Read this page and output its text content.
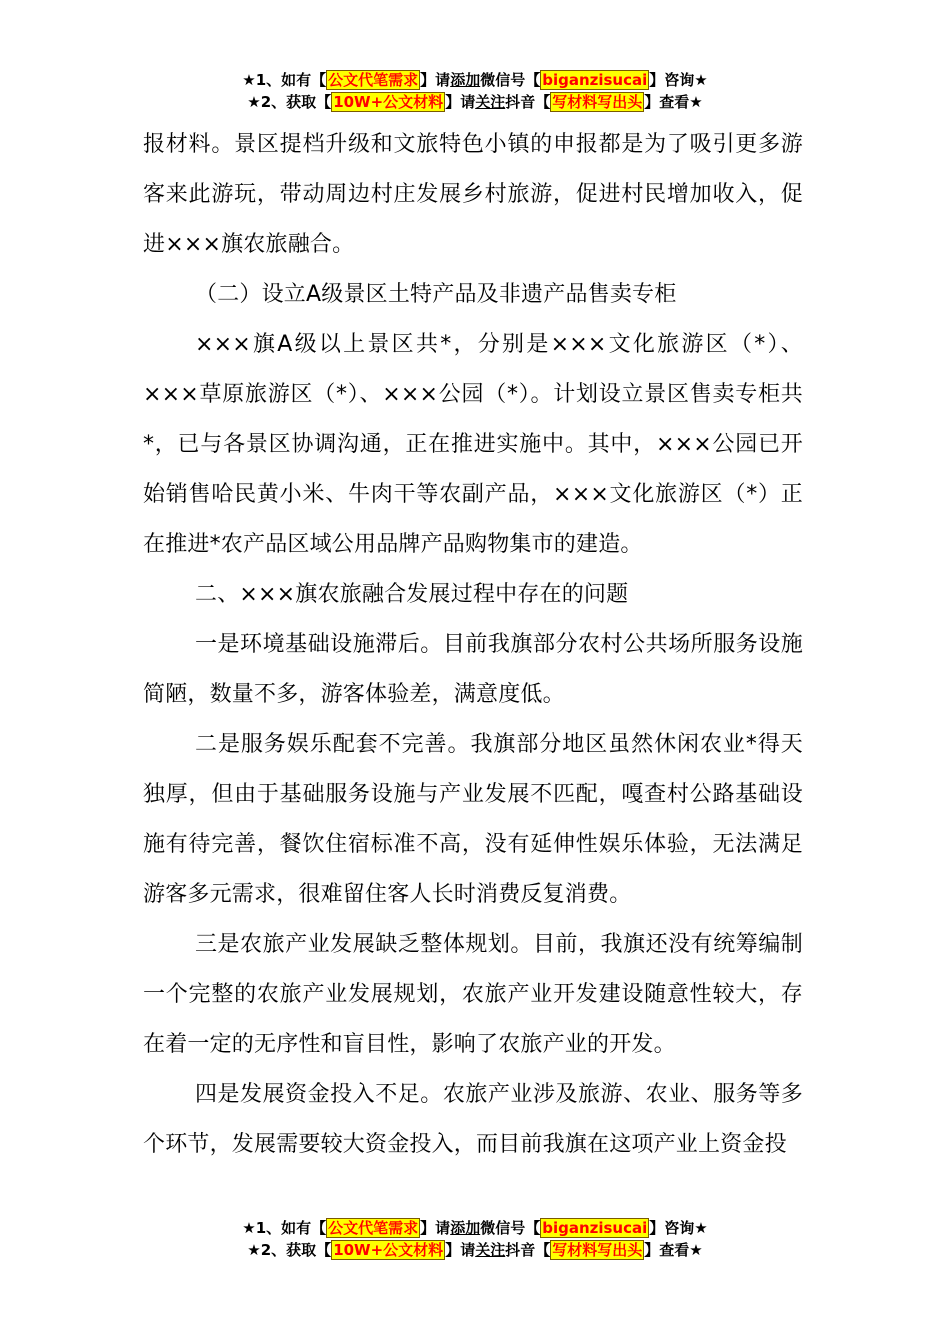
★1、如有【 公文代笔需求 】请添加微信号【 biganzisucai 】咨询★
★2、获取【 10W+公文材料 】请关注抖音【 写材料写出头 】查看★

报材料。景区提档升级和文旅特色小镇的申报都是为了吸引更多游客来此游玩，带动周边村庄发展乡村旅游，促进村民增加收入，促进×××旗农旅融合。

（二）设立A级景区土特产品及非遗产品售卖专柜

×××旗A级以上景区共*，分别是×××文化旅游区（*）、×××草原旅游区（*）、×××公园（*）。计划设立景区售卖专柜共*，已与各景区协调沟通，正在推进实施中。其中，×××公园已开始销售哈民黄小米、牛肉干等农副产品，×××文化旅游区（*）正在推进*农产品区域公用品牌产品购物集市的建造。

二、×××旗农旅融合发展过程中存在的问题

一是环境基础设施滞后。目前我旗部分农村公共场所服务设施简陋，数量不多，游客体验差，满意度低。

二是服务娱乐配套不完善。我旗部分地区虽然休闲农业*得天独厚，但由于基础服务设施与产业发展不匹配，嘎查村公路基础设施有待完善，餐饮住宿标准不高，没有延伸性娱乐体验，无法满足游客多元需求，很难留住客人长时消费反复消费。

三是农旅产业发展缺乏整体规划。目前，我旗还没有统筹编制一个完整的农旅产业发展规划，农旅产业开发建设随意性较大，存在着一定的无序性和盲目性，影响了农旅产业的开发。

四是发展资金投入不足。农旅产业涉及旅游、农业、服务等多个环节，发展需要较大资金投入，而目前我旗在这项产业上资金投

★1、如有【 公文代笔需求 】请添加微信号【 biganzisucai 】咨询★
★2、获取【 10W+公文材料 】请关注抖音【 写材料写出头 】查看★
